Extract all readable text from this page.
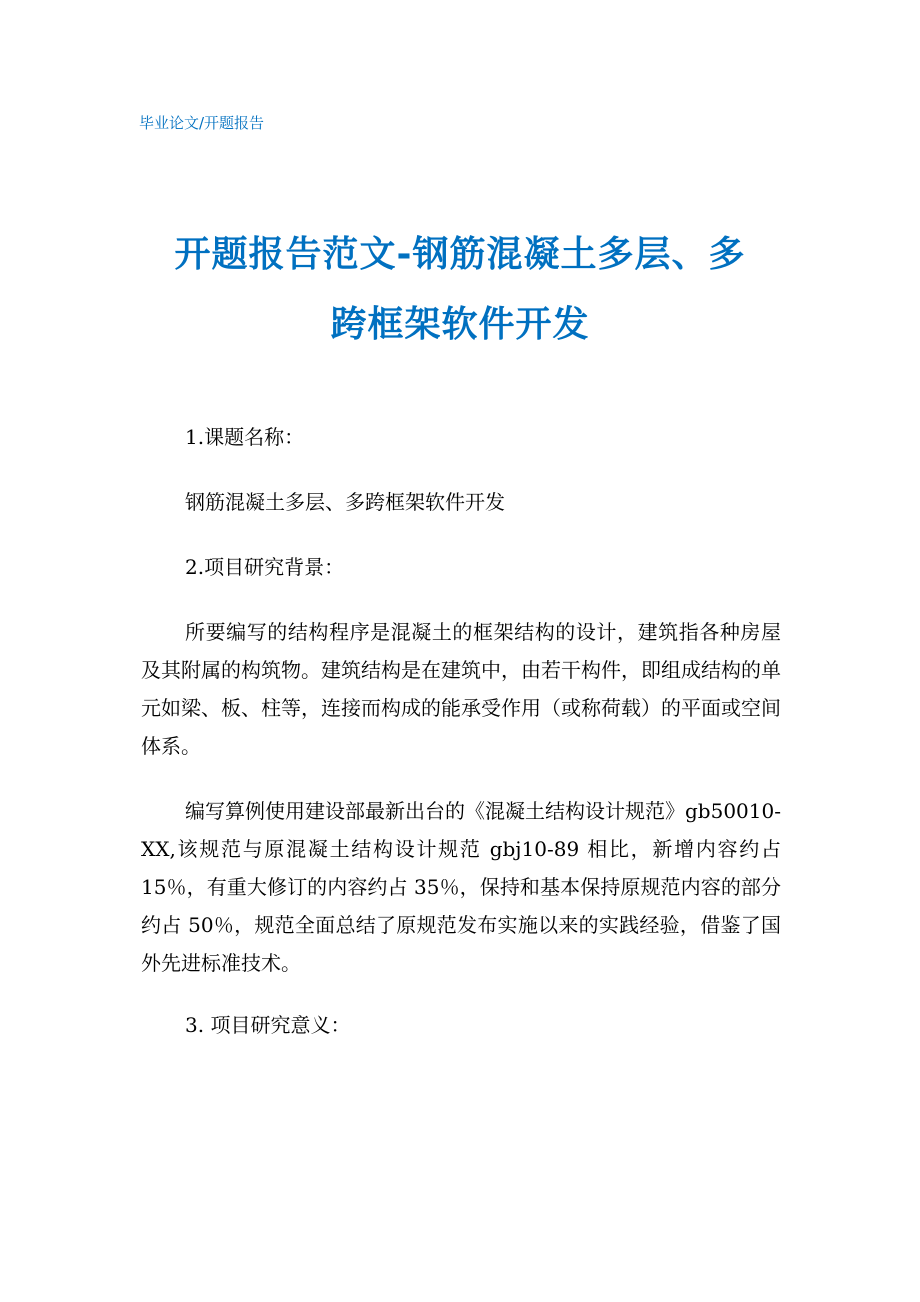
毕业论文/开题报告
开题报告范文-钢筋混凝土多层、多
跨框架软件开发

1.课题名称：

钢筋混凝土多层、多跨框架软件开发

2.项目研究背景：

所要编写的结构程序是混凝土的框架结构的设计，建筑指各种房屋及其附属的构筑物。建筑结构是在建筑中，由若干构件，即组成结构的单元如梁、板、柱等，连接而构成的能承受作用（或称荷载）的平面或空间体系。

编写算例使用建设部最新出台的《混凝土结构设计规范》gb50010-XX,该规范与原混凝土结构设计规范 gbj10-89 相比，新增内容约占 15％，有重大修订的内容约占 35％，保持和基本保持原规范内容的部分约占 50％，规范全面总结了原规范发布实施以来的实践经验，借鉴了国外先进标准技术。

3. 项目研究意义：
